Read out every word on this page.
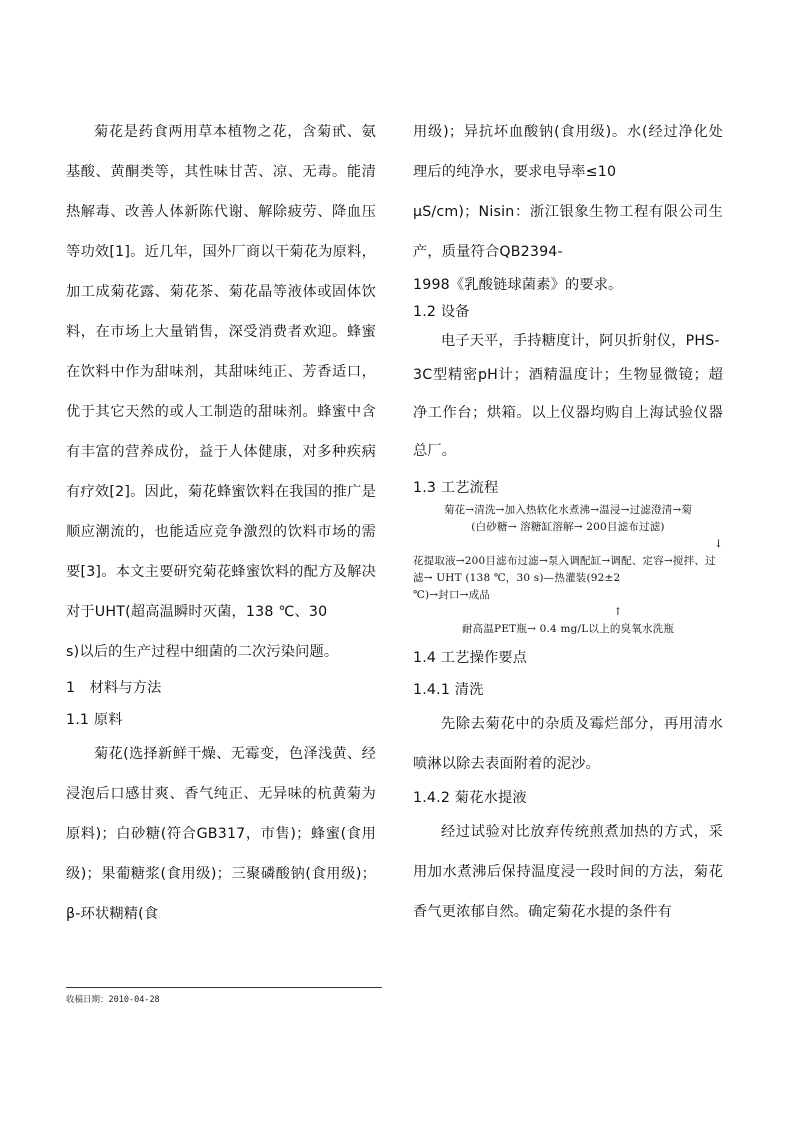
菊花是药食两用草本植物之花，含菊甙、氨基酸、黄酮类等，其性味甘苦、凉、无毒。能清热解毒、改善人体新陈代谢、解除疲劳、降血压等功效[1]。近几年，国外厂商以干菊花为原料，加工成菊花露、菊花茶、菊花晶等液体或固体饮料，在市场上大量销售，深受消费者欢迎。蜂蜜在饮料中作为甜味剂，其甜味纯正、芳香适口，优于其它天然的或人工制造的甜味剂。蜂蜜中含有丰富的营养成份，益于人体健康，对多种疾病有疗效[2]。因此，菊花蜂蜜饮料在我国的推广是顺应潮流的，也能适应竞争激烈的饮料市场的需要[3]。本文主要研究菊花蜂蜜饮料的配方及解决对于UHT(超高温瞬时灭菌，138 ℃、30

s)以后的生产过程中细菌的二次污染问题。

1　材料与方法

1.1 原料

菊花(选择新鲜干燥、无霉变，色泽浅黄、经浸泡后口感甘爽、香气纯正、无异味的杭黄菊为原料)；白砂糖(符合GB317，市售)；蜂蜜(食用级)；果葡糖浆(食用级)；三聚磷酸钠(食用级)；β-环状糊精(食

收稿日期：2010-04-28

用级)；异抗坏血酸钠(食用级)。水(经过净化处理后的纯净水，要求电导率≤10

μS/cm)；Nisin：浙江银象生物工程有限公司生产，质量符合QB2394-

1998《乳酸链球菌素》的要求。

1.2 设备

电子天平，手持糖度计，阿贝折射仪，PHS-

3C型精密pH计；酒精温度计；生物显微镜；超净工作台；烘箱。以上仪器均购自上海试验仪器总厂。

1.3 工艺流程

菊花→清洗→加入热软化水煮沸→温浸→过滤澄清→菊
(白砂糖→ 溶糖缸溶解→ 200目滤布过滤)
↓
花提取液→200目滤布过滤→泵入调配缸→调配、定容→搅拌、过滤→ UHT (138 ℃，30 s)—热灌装(92±2
℃)→封口→成品
↑
耐高温PET瓶→ 0.4 mg/L以上的臭氧水洗瓶

1.4 工艺操作要点

1.4.1 清洗

先除去菊花中的杂质及霉烂部分，再用清水喷淋以除去表面附着的泥沙。

1.4.2 菊花水提液

经过试验对比放弃传统煎煮加热的方式，采用加水煮沸后保持温度浸一段时间的方法，菊花香气更浓郁自然。确定菊花水提的条件有
